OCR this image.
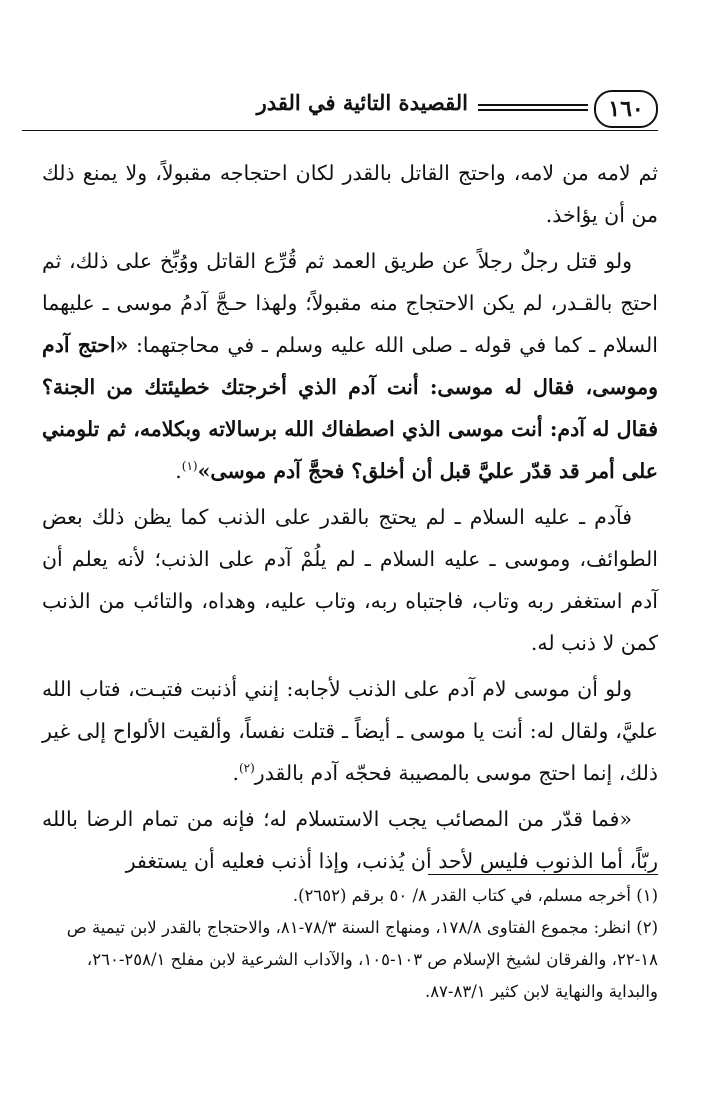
١٦٠
القصيدة التائية في القدر

ثم لامه من لامه، واحتج القاتل بالقدر لكان احتجاجه مقبولاً، ولا يمنع ذلك من أن يؤاخذ.

ولو قتل رجلٌ رجلاً عن طريق العمد ثم قُرِّع القاتل ووُبِّخ على ذلك، ثم احتج بالقـدر، لم يكن الاحتجاج منه مقبولاً؛ ولهذا حـجَّ آدمُ موسى ـ عليهما السلام ـ كما في قوله ـ صلى الله عليه وسلم ـ في محاجتهما: «احتج آدم وموسى، فقال له موسى: أنت آدم الذي أخرجتك خطيئتك من الجنة؟ فقال له آدم: أنت موسى الذي اصطفاك الله برسالاته وبكلامه، ثم تلومني على أمر قد قدّر عليَّ قبل أن أخلق؟ فحجَّ آدم موسى»$^{(١)}$.

فآدم ـ عليه السلام ـ لم يحتج بالقدر على الذنب كما يظن ذلك بعض الطوائف، وموسى ـ عليه السلام ـ لم يلُمْ آدم على الذنب؛ لأنه يعلم أن آدم استغفر ربه وتاب، فاجتباه ربه، وتاب عليه، وهداه، والتائب من الذنب كمن لا ذنب له.

ولو أن موسى لام آدم على الذنب لأجابه: إنني أذنبت فتبـت، فتاب الله عليَّ، ولقال له: أنت يا موسى ـ أيضاً ـ قتلت نفساً، وألقيت الألواح إلى غير ذلك، إنما احتج موسى بالمصيبة فحجّه آدم بالقدر$^{(٢)}$.

«فما قدّر من المصائب يجب الاستسلام له؛ فإنه من تمام الرضا بالله ربّاً، أما الذنوب فليس لأحد أن يُذنب، وإذا أذنب فعليه أن يستغفر

(١) أخرجه مسلم، في كتاب القدر ٨/ ٥٠ برقم (٢٦٥٢).

(٢) انظر: مجموع الفتاوى ١٧٨/٨، ومنهاج السنة ٧٨/٣-٨١، والاحتجاج بالقدر لابن تيمية ص ١٨-٢٢، والفرقان لشيخ الإسلام ص ١٠٣-١٠٥، والآداب الشرعية لابن مفلح ٢٥٨/١-٢٦٠، والبداية والنهاية لابن كثير ٨٣/١-٨٧.
